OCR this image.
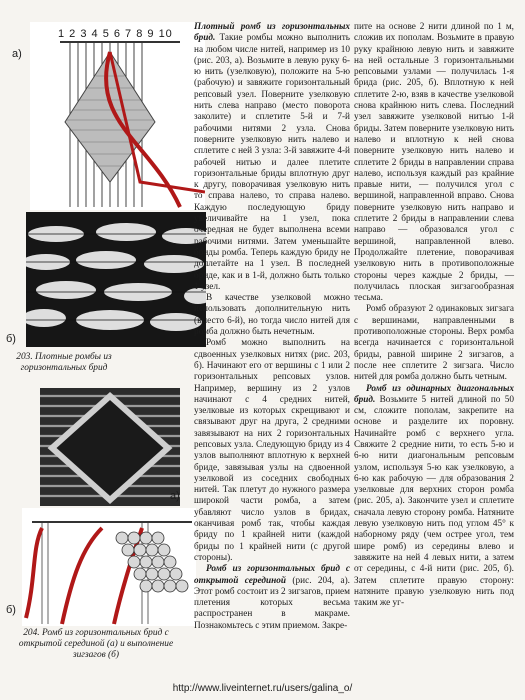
1 2 3 4 5 6 7 8 9 10
а)
б)
203. Плотные ромбы из горизонтальных брид
а)
б)
204. Ромб из горизонтальных брид с открытой серединой (а) и выполнение зигзагов (б)

Плотный ромб из горизонтальных брид. Такие ромбы можно выполнить на любом числе нитей, например из 10 (рис. 203, а). Возьмите в левую руку 6-ю нить (узелковую), положите на 5-ю (рабочую) и завяжите горизонтальный репсовый узел. Поверните узелковую нить слева направо (место поворота заколите) и сплетите 5-й и 7-й рабочими нитями 2 узла. Снова поверните узелковую нить налево и сплетите с ней 3 узла: 3-й завяжите 4-й рабочей нитью и далее плетите горизонтальные бриды вплотную друг к другу, поворачивая узелковую нить то справа налево, то справа налево. Каждую последующую бриду увеличивайте на 1 узел, пока очередная не будет выполнена всеми рабочими нитями. Затем уменьшайте бриды ромба. Теперь каждую бриду не доплетайте на 1 узел. В последней бриде, как и в 1-й, должно быть только 1 узел.

В качестве узелковой можно использовать дополнительную нить (вместо 6-й), но тогда число нитей для ромба должно быть нечетным.

Ромб можно выполнить на сдвоенных узелковых нитях (рис. 203, б). Начинают его от вершины с 1 или 2 горизонтальных репсовых узлов. Например, вершину из 2 узлов начинают с 4 средних нитей, узелковые из которых скрещивают и связывают друг на друга, 2 средними завязывают на них 2 горизонтальных репсовых узла. Следующую бриду из 4 узлов выполняют вплотную к верхней бриде, завязывая узлы на сдвоенной узелковой из соседних свободных нитей. Так плетут до нужного размера широкой части ромба, а затем убавляют число узлов в бридах, оканчивая ромб так, чтобы каждая бриду по 1 крайней нити (каждой бриды по 1 крайней нити (с другой стороны).

Ромб из горизонтальных брид с открытой серединой (рис. 204, а). Этот ромб состоит из 2 зигзагов, прием плетения которых весьма распространен в макраме. Познакомьтесь с этим приемом. Закре-

пите на основе 2 нити длиной по 1 м, сложив их пополам. Возьмите в правую руку крайнюю левую нить и завяжите на ней остальные 3 горизонтальными репсовыми узлами — получилась 1-я брида (рис. 205, б). Вплотную к ней сплетите 2-ю, взяв в качестве узелковой снова крайнюю нить слева. Последний узел завяжите узелковой нитью 1-й бриды. Затем поверните узелковую нить налево и вплотную к ней снова поверните узелковую нить налево и сплетите 2 бриды в направлении справа налево, используя каждый раз крайние правые нити, — получился угол с вершиной, направленной вправо. Снова поверните узелковую нить направо и сплетите 2 бриды в направлении слева направо — образовался угол с вершиной, направленной влево. Продолжайте плетение, поворачивая узелковую нить в противоположные стороны через каждые 2 бриды, — получилась плоская зигзагообразная тесьма.

Ромб образуют 2 одинаковых зигзага с вершинами, направленными в противоположные стороны. Верх ромба всегда начинается с горизонтальной бриды, равной ширине 2 зигзагов, а после нее сплетите 2 зигзага. Число нитей для ромба должно быть четным.

Ромб из одинарных диагональных брид. Возьмите 5 нитей длиной по 50 см, сложите пополам, закрепите на основе и разделите их поровну. Начинайте ромб с верхнего угла. Свяжите 2 средние нити, то есть 5-ю и 6-ю нити диагональным репсовым узлом, используя 5-ю как узелковую, а 6-ю как рабочую — для образования 2 узелковые для верхних сторон ромба (рис. 205, а). Закончите узел и сплетите сначала левую сторону ромба. Натяните левую узелковую нить под углом 45° к наборному ряду (чем острее угол, тем шире ромб) из середины влево и завяжите на ней 4 левых нити, а затем от середины, с 4-й нити (рис. 205, б). Затем сплетите правую сторону: натяните правую узелковую нить под таким же уг-

http://www.liveinternet.ru/users/galina_o/
